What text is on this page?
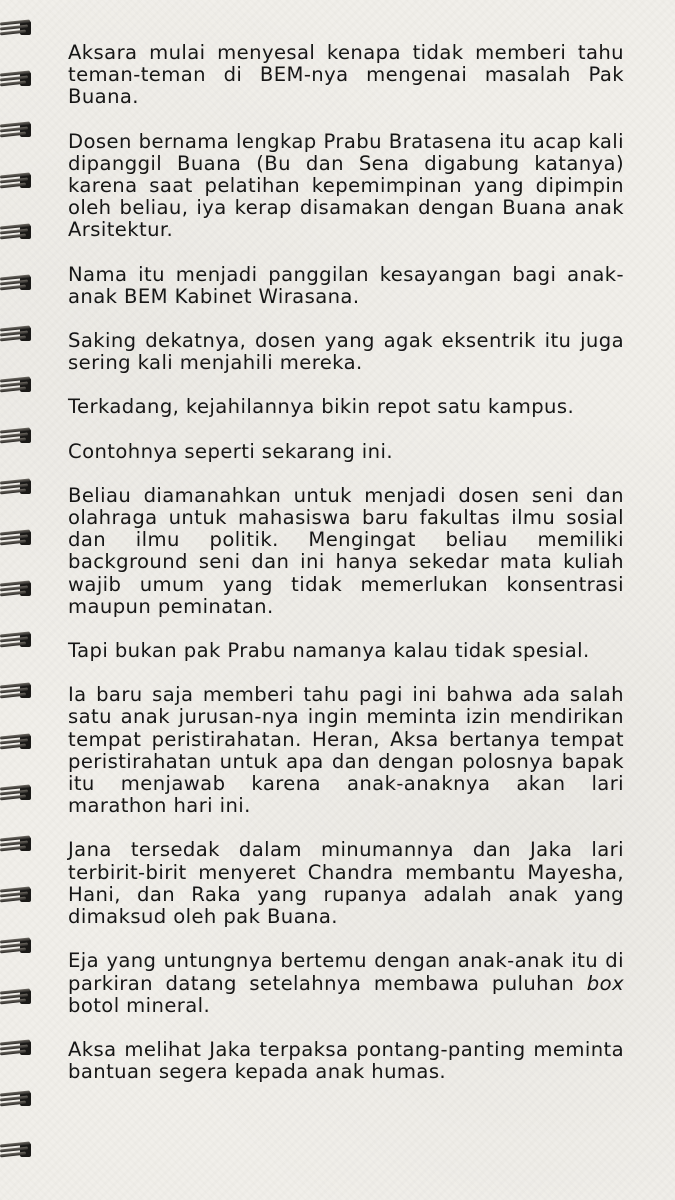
Aksara mulai menyesal kenapa tidak memberi tahu teman-teman di BEM-nya mengenai masalah Pak Buana.

Dosen bernama lengkap Prabu Bratasena itu acap kali dipanggil Buana (Bu dan Sena digabung katanya) karena saat pelatihan kepemimpinan yang dipimpin oleh beliau, iya kerap disamakan dengan Buana anak Arsitektur.

Nama itu menjadi panggilan kesayangan bagi anak-anak BEM Kabinet Wirasana.

Saking dekatnya, dosen yang agak eksentrik itu juga sering kali menjahili mereka.

Terkadang, kejahilannya bikin repot satu kampus.

Contohnya seperti sekarang ini.

Beliau diamanahkan untuk menjadi dosen seni dan olahraga untuk mahasiswa baru fakultas ilmu sosial dan ilmu politik. Mengingat beliau memiliki background seni dan ini hanya sekedar mata kuliah wajib umum yang tidak memerlukan konsentrasi maupun peminatan.

Tapi bukan pak Prabu namanya kalau tidak spesial.

Ia baru saja memberi tahu pagi ini bahwa ada salah satu anak jurusan-nya ingin meminta izin mendirikan tempat peristirahatan. Heran, Aksa bertanya tempat peristirahatan untuk apa dan dengan polosnya bapak itu menjawab karena anak-anaknya akan lari marathon hari ini.

Jana tersedak dalam minumannya dan Jaka lari terbirit-birit menyeret Chandra membantu Mayesha, Hani, dan Raka yang rupanya adalah anak yang dimaksud oleh pak Buana.

Eja yang untungnya bertemu dengan anak-anak itu di parkiran datang setelahnya membawa puluhan box botol mineral.

Aksa melihat Jaka terpaksa pontang-panting meminta bantuan segera kepada anak humas.
